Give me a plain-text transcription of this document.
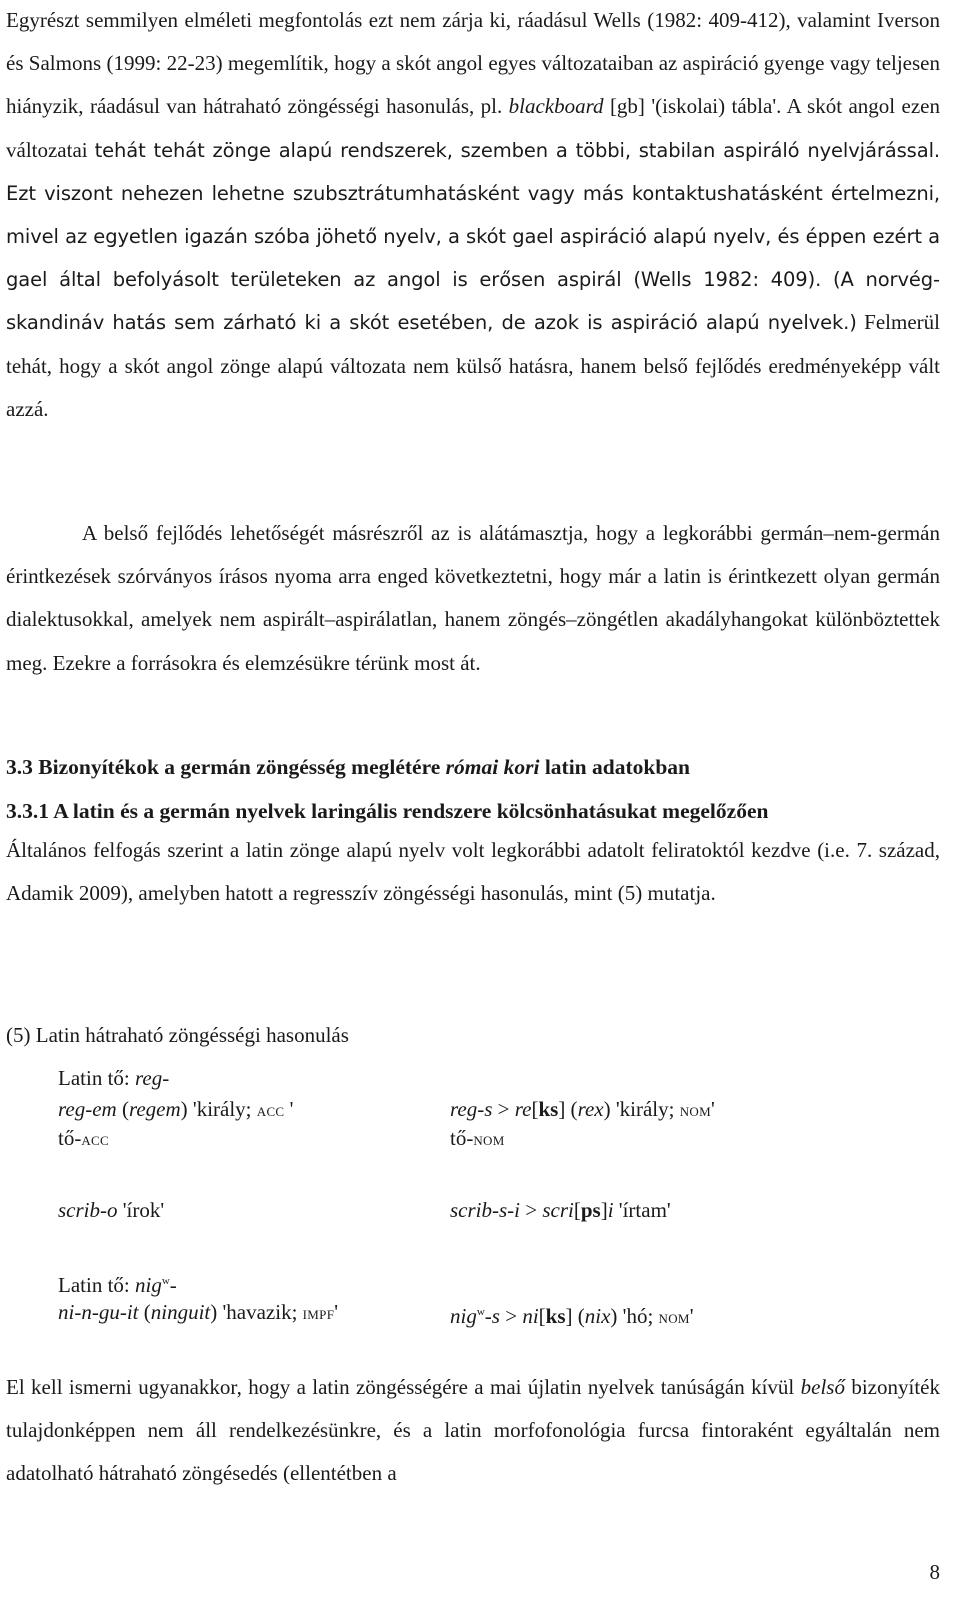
Egyrészt semmilyen elméleti megfontolás ezt nem zárja ki, ráadásul Wells (1982: 409-412), valamint Iverson és Salmons (1999: 22-23) megemlítik, hogy a skót angol egyes változataiban az aspiráció gyenge vagy teljesen hiányzik, ráadásul van hátraható zöngésségi hasonulás, pl. blackboard [gb] '(iskolai) tábla'. A skót angol ezen változatai tehát tehát zönge alapú rendszerek, szemben a többi, stabilan aspiráló nyelvjárással. Ezt viszont nehezen lehetne szubsztrátumhatásként vagy más kontaktushatásként értelmezni, mivel az egyetlen igazán szóba jöhető nyelv, a skót gael aspiráció alapú nyelv, és éppen ezért a gael által befolyásolt területeken az angol is erősen aspirál (Wells 1982: 409). (A norvég-skandináv hatás sem zárható ki a skót esetében, de azok is aspiráció alapú nyelvek.) Felmerül tehát, hogy a skót angol zönge alapú változata nem külső hatásra, hanem belső fejlődés eredményeképp vált azzá.

A belső fejlődés lehetőségét másrészről az is alátámasztja, hogy a legkorábbi germán–nem-germán érintkezések szórványos írásos nyoma arra enged következtetni, hogy már a latin is érintkezett olyan germán dialektusokkal, amelyek nem aspirált–aspirálatlan, hanem zöngés–zöngétlen akadályhangokat különböztettek meg. Ezekre a forrásokra és elemzésükre térünk most át.

3.3 Bizonyítékok a germán zöngésség meglétére római kori latin adatokban

3.3.1 A latin és a germán nyelvek laringális rendszere kölcsönhatásukat megelőzően

Általános felfogás szerint a latin zönge alapú nyelv volt legkorábbi adatolt feliratoktól kezdve (i.e. 7. század, Adamik 2009), amelyben hatott a regresszív zöngésségi hasonulás, mint (5) mutatja.

(5) Latin hátraható zöngésségi hasonulás

Latin tő: reg-
reg-em (regem) 'király; ACC '
tő-ACC
reg-s > re[ks] (rex) 'király; NOM'
tő-NOM
scrib-o 'írok'	scrib-s-i > scri[ps]i 'írtam'
Latin tő: nig$^w$-
ni-n-gu-it (ninguit) 'havazik; IMPF'	nig$^w$-s > ni[ks] (nix) 'hó; NOM'

El kell ismerni ugyanakkor, hogy a latin zöngésségére a mai újlatin nyelvek tanúságán kívül belső bizonyíték tulajdonképpen nem áll rendelkezésünkre, és a latin morfofonológia furcsa fintoraként egyáltalán nem adatolható hátraható zöngésedés (ellentétben a

8
